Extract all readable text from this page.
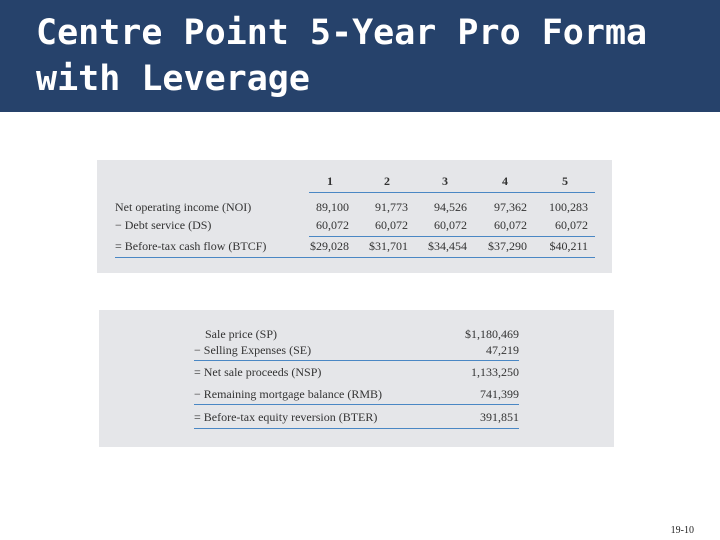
Centre Point 5-Year Pro Forma with Leverage
1	2	3	4	5
Net operating income (NOI)	89,100	91,773	94,526	97,362	100,283
− Debt service (DS)	60,072	60,072	60,072	60,072	60,072
= Before-tax cash flow (BTCF)	$29,028	$31,701	$34,454	$37,290	$40,211
Sale price (SP)	$1,180,469
− Selling Expenses (SE)	47,219
= Net sale proceeds (NSP)	1,133,250
− Remaining mortgage balance (RMB)	741,399
= Before-tax equity reversion (BTER)	391,851
19-10
